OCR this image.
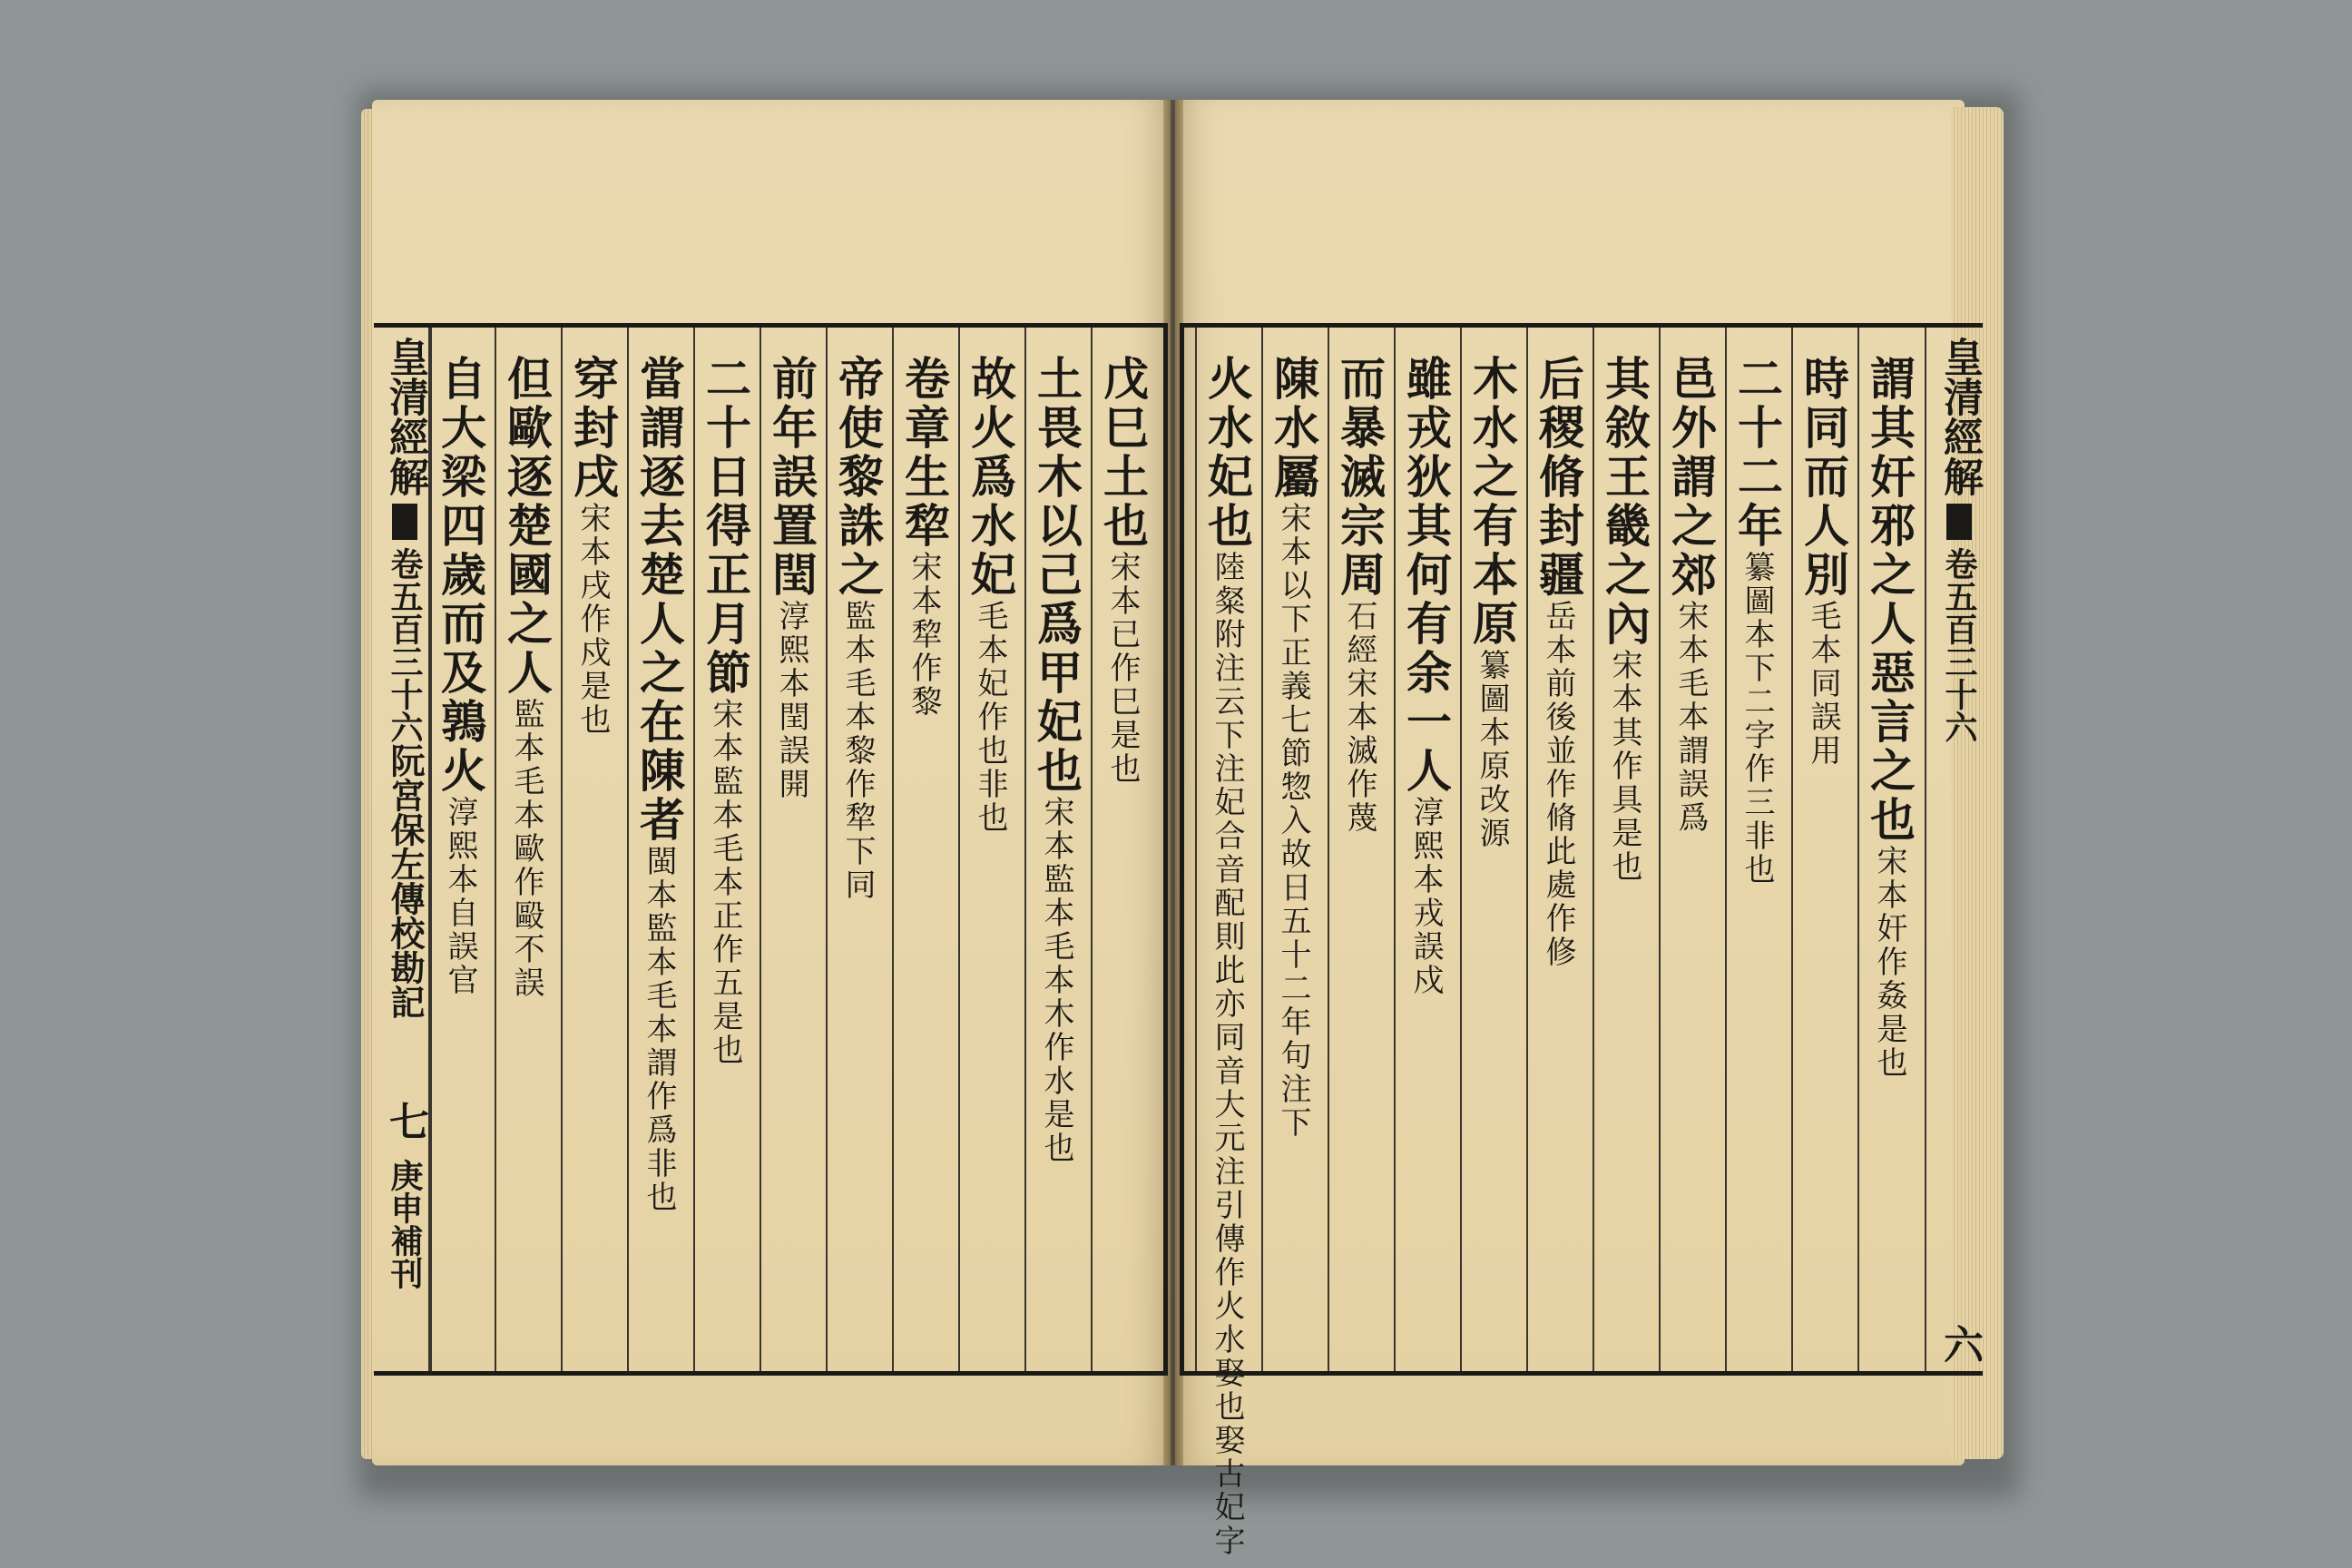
皇清經解卷五百三十六阮宮保左傳校勘記七庚申補刊
戊巳土也宋本已作巳是也
土畏木以己爲甲妃也宋本監本毛本木作水是也
故火爲水妃毛本妃作也非也
卷章生犂宋本犂作黎
帝使黎誅之監本毛本黎作犂下同
前年誤置閏淳熙本閏誤開
二十日得正月節宋本監本毛本正作五是也
當謂逐去楚人之在陳者閩本監本毛本謂作爲非也
穿封戌宋本戌作戍是也
但歐逐楚國之人監本毛本歐作毆不誤
自大梁四歲而及鶉火淳熙本自誤官
皇清經解卷五百三十六六
謂其奸邪之人惡言之也宋本奸作姦是也
時同而人別毛本同誤用
二十二年纂圖本下二字作三非也
邑外謂之郊宋本毛本謂誤爲
其敘王畿之內宋本其作具是也
后稷脩封疆岳本前後並作脩此處作修
木水之有本原纂圖本原改源
雖戎狄其何有余一人淳熙本戎誤戍
而暴滅宗周石經宋本滅作蔑
陳水屬宋本以下正義七節惣入故日五十二年句注下
火水妃也陸粲附注云下注妃合音配則此亦同音大元注引傳作火水娶也娶古妃字
